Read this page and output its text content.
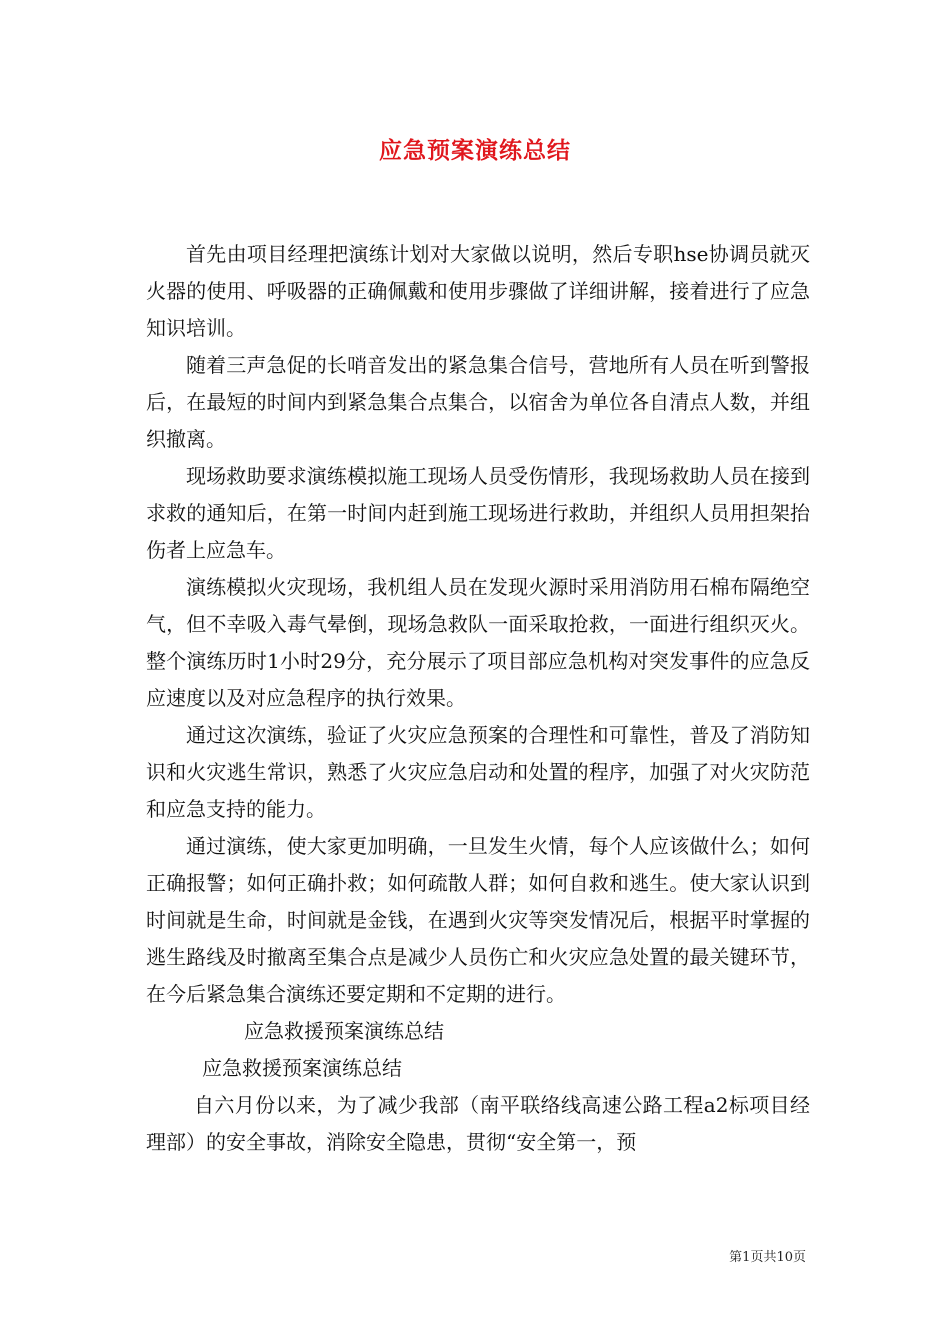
应急预案演练总结

首先由项目经理把演练计划对大家做以说明，然后专职hse协调员就灭火器的使用、呼吸器的正确佩戴和使用步骤做了详细讲解，接着进行了应急知识培训。

随着三声急促的长哨音发出的紧急集合信号，营地所有人员在听到警报后，在最短的时间内到紧急集合点集合，以宿舍为单位各自清点人数，并组织撤离。

现场救助要求演练模拟施工现场人员受伤情形，我现场救助人员在接到求救的通知后，在第一时间内赶到施工现场进行救助，并组织人员用担架抬伤者上应急车。

演练模拟火灾现场，我机组人员在发现火源时采用消防用石棉布隔绝空气，但不幸吸入毒气晕倒，现场急救队一面采取抢救，一面进行组织灭火。整个演练历时1小时29分，充分展示了项目部应急机构对突发事件的应急反应速度以及对应急程序的执行效果。

通过这次演练，验证了火灾应急预案的合理性和可靠性，普及了消防知识和火灾逃生常识，熟悉了火灾应急启动和处置的程序，加强了对火灾防范和应急支持的能力。

通过演练，使大家更加明确，一旦发生火情，每个人应该做什么；如何正确报警；如何正确扑救；如何疏散人群；如何自救和逃生。使大家认识到时间就是生命，时间就是金钱，在遇到火灾等突发情况后，根据平时掌握的逃生路线及时撤离至集合点是减少人员伤亡和火灾应急处置的最关键环节，在今后紧急集合演练还要定期和不定期的进行。

应急救援预案演练总结

应急救援预案演练总结

自六月份以来，为了减少我部（南平联络线高速公路工程a2标项目经理部）的安全事故，消除安全隐患，贯彻“安全第一，预

第1页共10页
